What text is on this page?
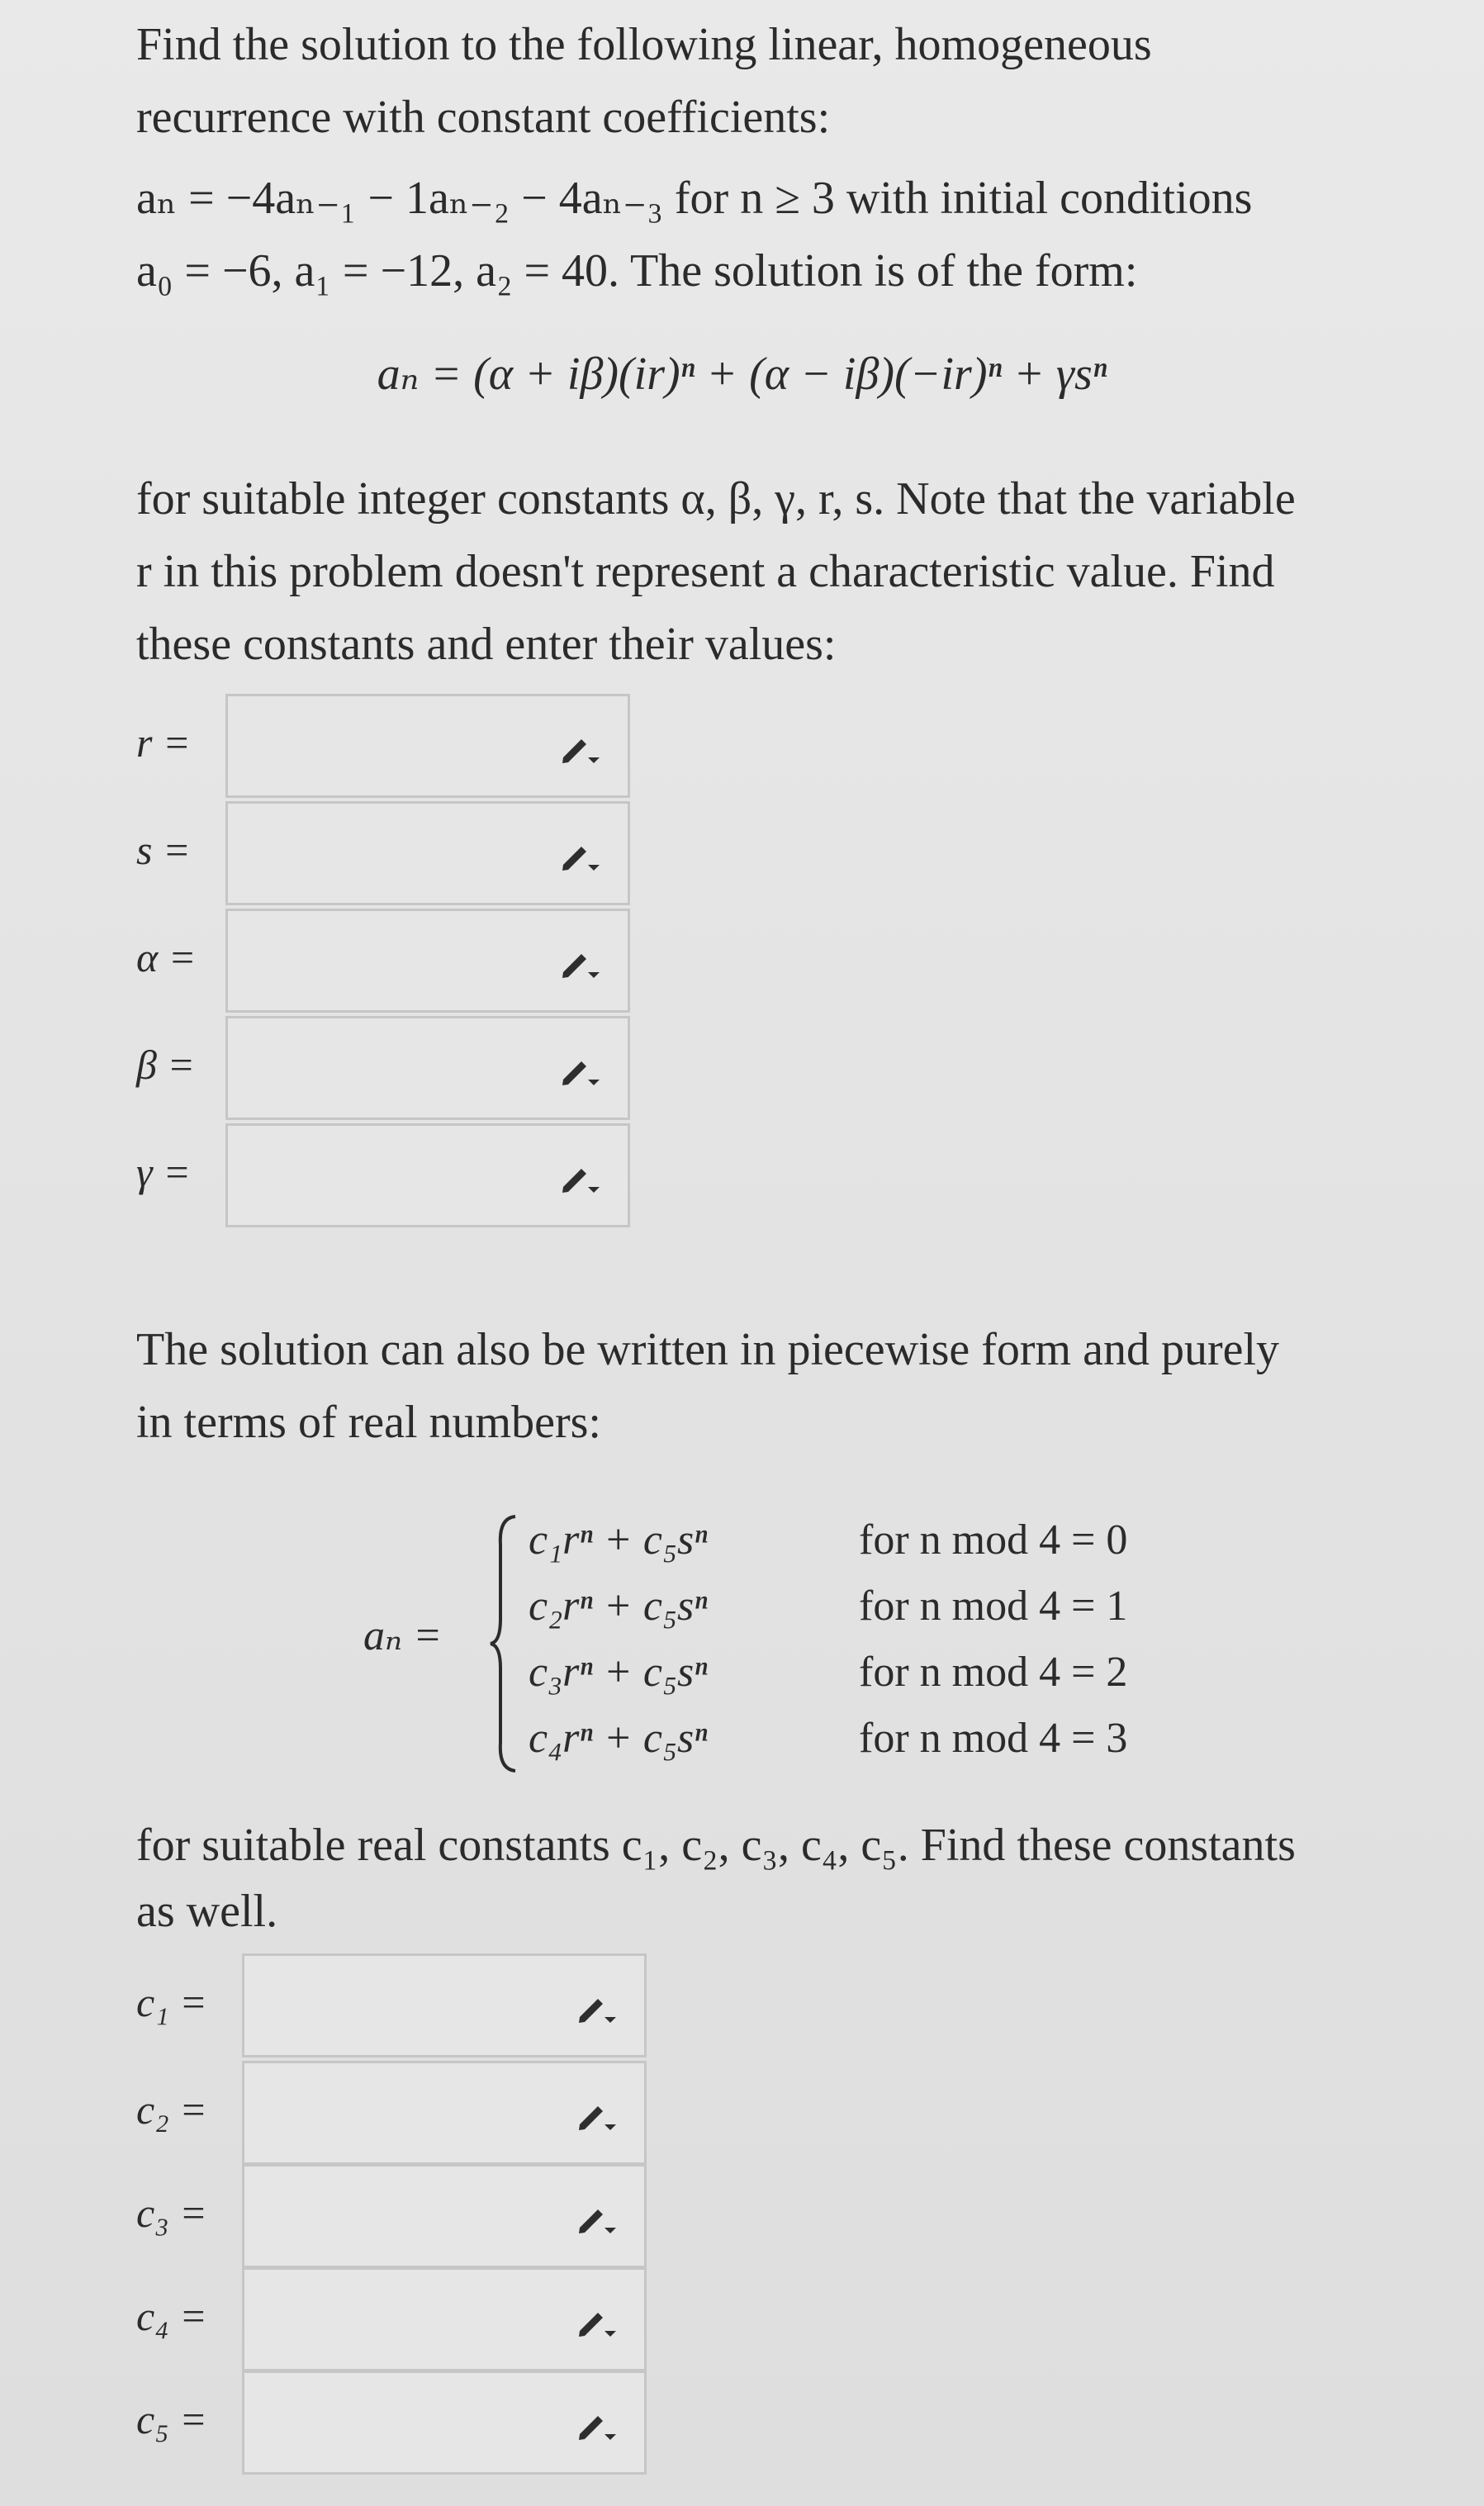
Find the solution to the following linear, homogeneous

recurrence with constant coefficients:

aₙ = −4aₙ₋₁ − 1aₙ₋₂ − 4aₙ₋₃ for n ≥ 3 with initial conditions

a₀ = −6, a₁ = −12, a₂ = 40. The solution is of the form:

aₙ = (α + iβ)(ir)ⁿ + (α − iβ)(−ir)ⁿ + γsⁿ

for suitable integer constants α, β, γ, r, s. Note that the variable

r in this problem doesn't represent a characteristic value. Find

these constants and enter their values:

r =
s =
α =
β =
γ =

The solution can also be written in piecewise form and purely

in terms of real numbers:

aₙ =
c₁rⁿ + c₅sⁿ	for n mod 4 = 0
c₂rⁿ + c₅sⁿ	for n mod 4 = 1
c₃rⁿ + c₅sⁿ	for n mod 4 = 2
c₄rⁿ + c₅sⁿ	for n mod 4 = 3

for suitable real constants c₁, c₂, c₃, c₄, c₅. Find these constants

as well.

c₁ =
c₂ =
c₃ =
c₄ =
c₅ =
